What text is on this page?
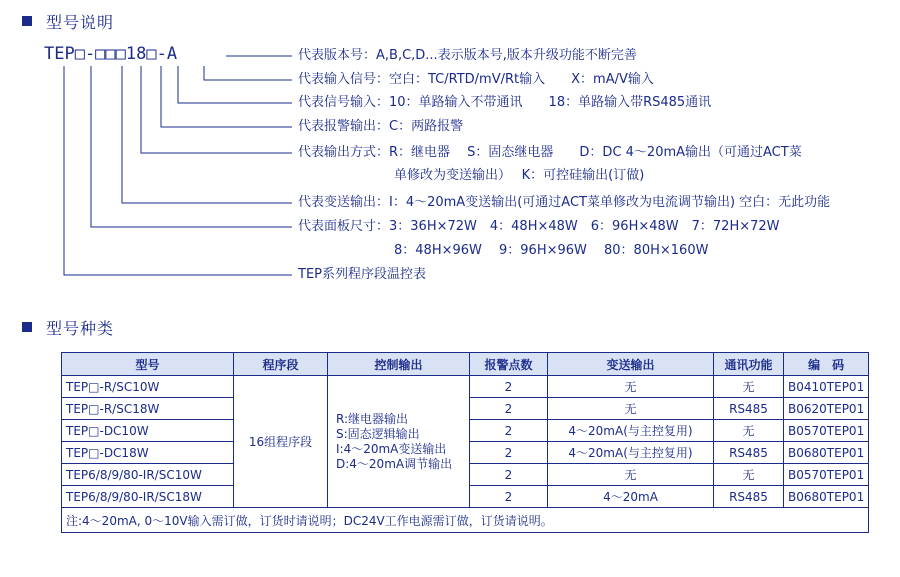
型号说明
TEP□-□□□18□-A	代表版本号：A,B,C,D...表示版本号,版本升级功能不断完善
代表输入信号：空白：TC/RTD/mV/Rt输入　　X：mA/V输入
代表信号输入：10：单路输入不带通讯　　18：单路输入带RS485通讯
代表报警输出：C：两路报警
代表输出方式：R：继电器　 S：固态继电器　　D：DC 4～20mA输出（可通过ACT菜
单修改为变送输出）　 K：可控硅输出(订做)
代表变送输出：I：4～20mA变送输出(可通过ACT菜单修改为电流调节输出) 空白：无此功能
代表面板尺寸：3：36H×72W　4：48H×48W　6：96H×48W　7：72H×72W
8：48H×96W　 9：96H×96W　 80：80H×160W
TEP系列程序段温控表
型号种类
型号	程序段	控制输出	报警点数	变送输出	通讯功能	编　码
TEP□-R/SC10W	16组程序段	R:继电器输出
S:固态逻辑输出
I:4～20mA变送输出
D:4～20mA调节输出	2	无	无	B0410TEP01
TEP□-R/SC18W			2	无	RS485	B0620TEP01
TEP□-DC10W			2	4～20mA(与主控复用)	无	B0570TEP01
TEP□-DC18W			2	4～20mA(与主控复用)	RS485	B0680TEP01
TEP6/8/9/80-IR/SC10W			2	无	无	B0570TEP01
TEP6/8/9/80-IR/SC18W			2	4～20mA	RS485	B0680TEP01
注:4～20mA, 0～10V输入需订做，订货时请说明；DC24V工作电源需订做，订货请说明。						
